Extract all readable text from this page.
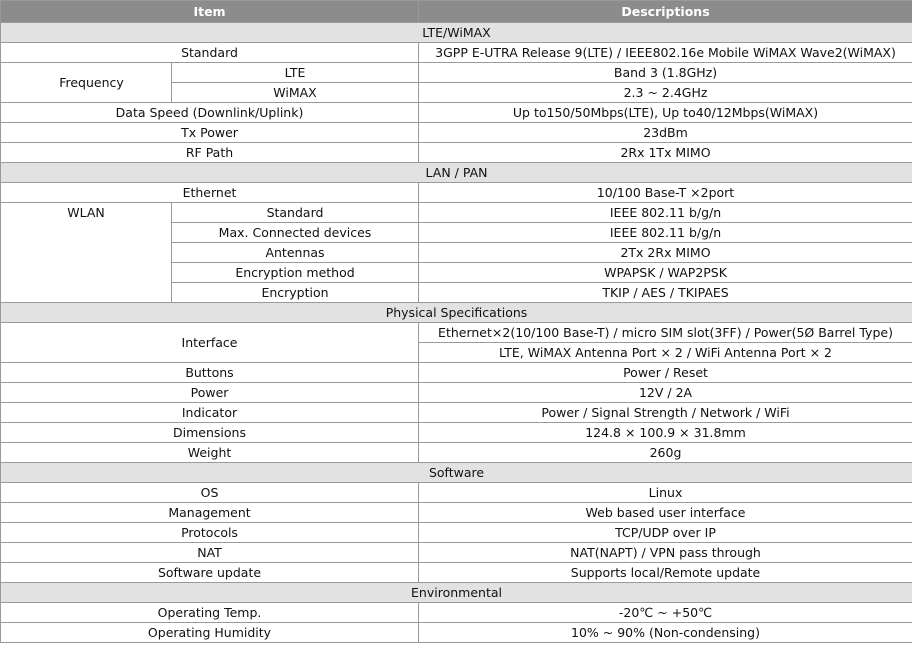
Item		Descriptions
LTE/WiMAX		
Standard		3GPP E-UTRA Release 9(LTE) / IEEE802.16e Mobile WiMAX Wave2(WiMAX)
Frequency	LTE	Band 3 (1.8GHz)
	WiMAX	2.3 ~ 2.4GHz
Data Speed (Downlink/Uplink)		Up to150/50Mbps(LTE), Up to40/12Mbps(WiMAX)
Tx Power		23dBm
RF Path		2Rx 1Tx MIMO
LAN / PAN		
Ethernet		10/100 Base-T ×2port
WLAN	Standard	IEEE 802.11 b/g/n
	Max. Connected devices	IEEE 802.11 b/g/n
	Antennas	2Tx 2Rx MIMO
	Encryption method	WPAPSK / WAP2PSK
	Encryption	TKIP / AES / TKIPAES
Physical Specifications		
Interface		Ethernet×2(10/100 Base-T) / micro SIM slot(3FF) / Power(5Ø Barrel Type)
		LTE, WiMAX Antenna Port × 2 / WiFi Antenna Port × 2
Buttons		Power / Reset
Power		12V / 2A
Indicator		Power / Signal Strength / Network / WiFi
Dimensions		124.8 × 100.9 × 31.8mm
Weight		260g
Software		
OS		Linux
Management		Web based user interface
Protocols		TCP/UDP over IP
NAT		NAT(NAPT) / VPN pass through
Software update		Supports local/Remote update
Environmental		
Operating Temp.		-20℃ ~ +50℃
Operating Humidity		10% ~ 90% (Non-condensing)
